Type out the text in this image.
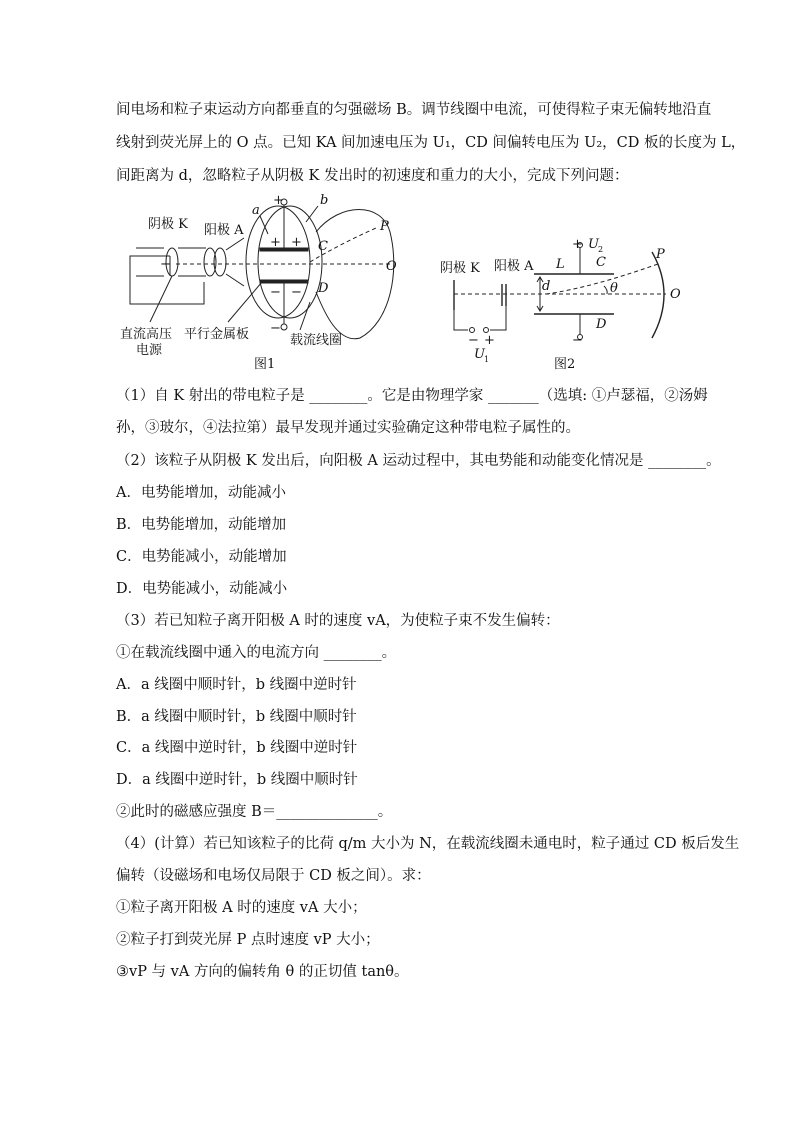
间电场和粒子束运动方向都垂直的匀强磁场 B。调节线圈中电流，可使得粒子束无偏转地沿直
线射到荧光屏上的 O 点。已知 KA 间加速电压为 U₁，CD 间偏转电压为 U₂，CD 板的长度为 L，
间距离为 d，忽略粒子从阴极 K 发出时的初速度和重力的大小，完成下列问题：
阴极 K 阳极 A
a
b
+
+ +
− −
−
−
C
D
P
O
直流高压
电源
平行金属板	载流线圈
图1
阴极 K 阳极 A L
+ U 2
C
d	θ
P
O
D
−
− +
U 1	图2
（1）自 K 射出的带电粒子是 ________。它是由物理学家 _______（选填: ①卢瑟福，②汤姆
孙，③玻尔，④法拉第）最早发现并通过实验确定这种带电粒子属性的。
（2）该粒子从阴极 K 发出后，向阳极 A 运动过程中，其电势能和动能变化情况是 ________。
A．电势能增加，动能减小
B．电势能增加，动能增加
C．电势能减小，动能增加
D．电势能减小，动能减小
（3）若已知粒子离开阳极 A 时的速度 vA，为使粒子束不发生偏转：
①在载流线圈中通入的电流方向 ________。
A．a 线圈中顺时针，b 线圈中逆时针
B．a 线圈中顺时针，b 线圈中顺时针
C．a 线圈中逆时针，b 线圈中逆时针
D．a 线圈中逆时针，b 线圈中顺时针
②此时的磁感应强度 B＝______________。
（4）(计算）若已知该粒子的比荷 q/m 大小为 N，在载流线圈未通电时，粒子通过 CD 板后发生
偏转（设磁场和电场仅局限于 CD 板之间）。求：
①粒子离开阳极 A 时的速度 vA 大小；
②粒子打到荧光屏 P 点时速度 vP 大小；
③vP 与 vA 方向的偏转角 θ 的正切值 tanθ。
